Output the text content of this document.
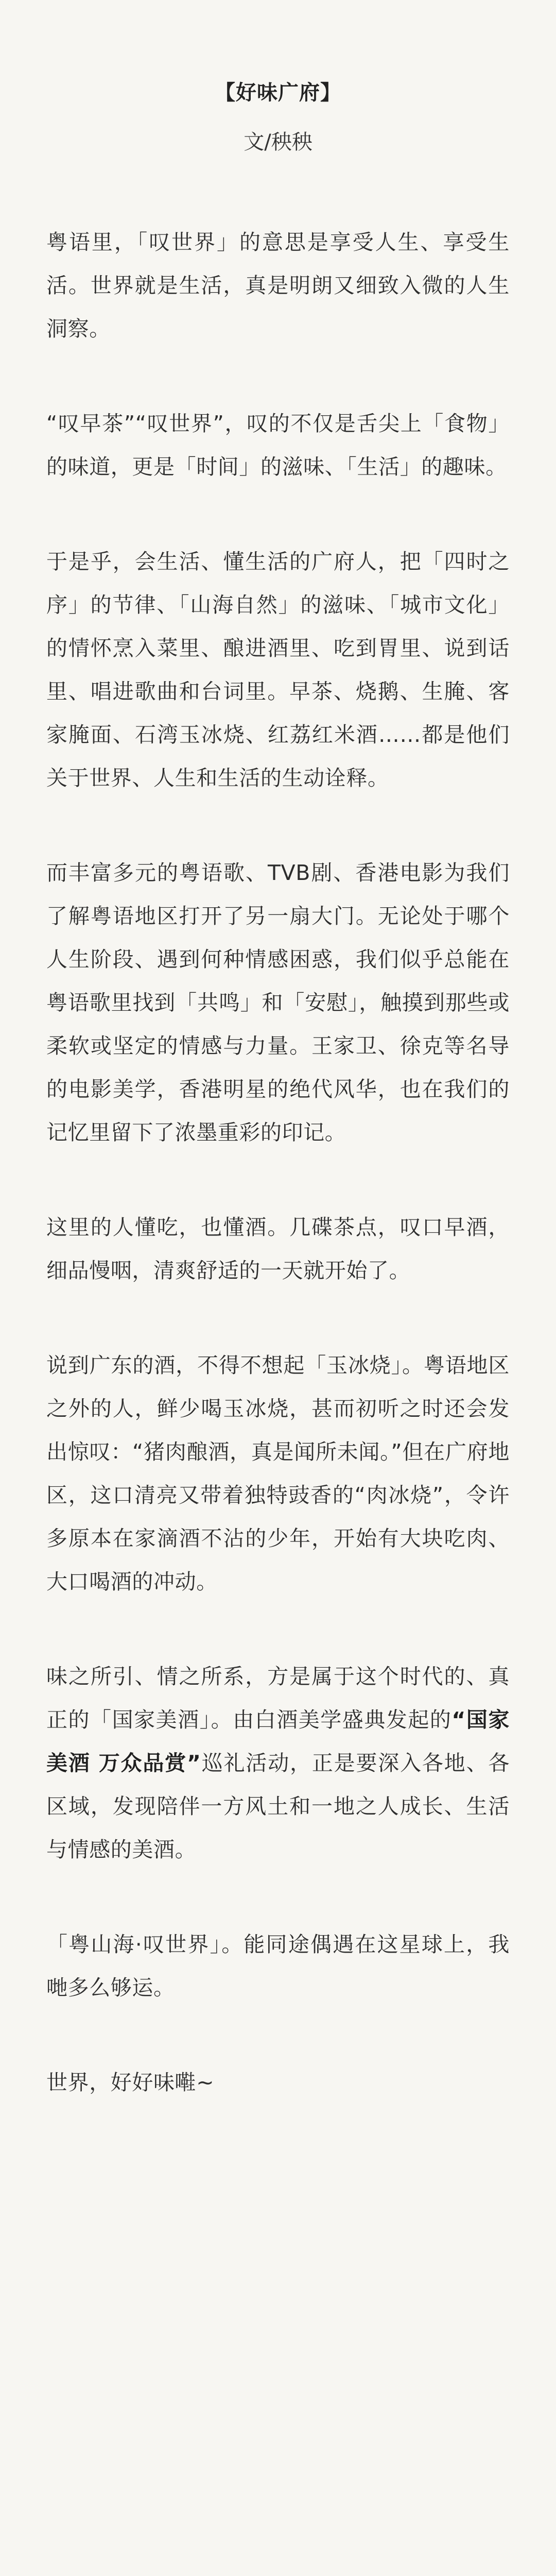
【好味广府】

文/秧秧

粤语里，「叹世界」的意思是享受人生、享受生活。世界就是生活，真是明朗又细致入微的人生洞察。

“叹早茶”“叹世界”，叹的不仅是舌尖上「食物」的味道，更是「时间」的滋味、「生活」的趣味。

于是乎，会生活、懂生活的广府人，把「四时之序」的节律、「山海自然」的滋味、「城市文化」的情怀烹入菜里、酿进酒里、吃到胃里、说到话里、唱进歌曲和台词里。早茶、烧鹅、生腌、客家腌面、石湾玉冰烧、红荔红米酒……都是他们关于世界、人生和生活的生动诠释。

而丰富多元的粤语歌、TVB剧、香港电影为我们了解粤语地区打开了另一扇大门。无论处于哪个人生阶段、遇到何种情感困惑，我们似乎总能在粤语歌里找到「共鸣」和「安慰」，触摸到那些或柔软或坚定的情感与力量。王家卫、徐克等名导的电影美学，香港明星的绝代风华，也在我们的记忆里留下了浓墨重彩的印记。

这里的人懂吃，也懂酒。几碟茶点，叹口早酒，细品慢咽，清爽舒适的一天就开始了。

说到广东的酒，不得不想起「玉冰烧」。粤语地区之外的人，鲜少喝玉冰烧，甚而初听之时还会发出惊叹：“猪肉酿酒，真是闻所未闻。”但在广府地区，这口清亮又带着独特豉香的“肉冰烧”，令许多原本在家滴酒不沾的少年，开始有大块吃肉、大口喝酒的冲动。

味之所引、情之所系，方是属于这个时代的、真正的「国家美酒」。由白酒美学盛典发起的“国家美酒 万众品赏”巡礼活动，正是要深入各地、各区域，发现陪伴一方风土和一地之人成长、生活与情感的美酒。

「粤山海·叹世界」。能同途偶遇在这星球上，我哋多么够运。

世界，好好味嚡~
